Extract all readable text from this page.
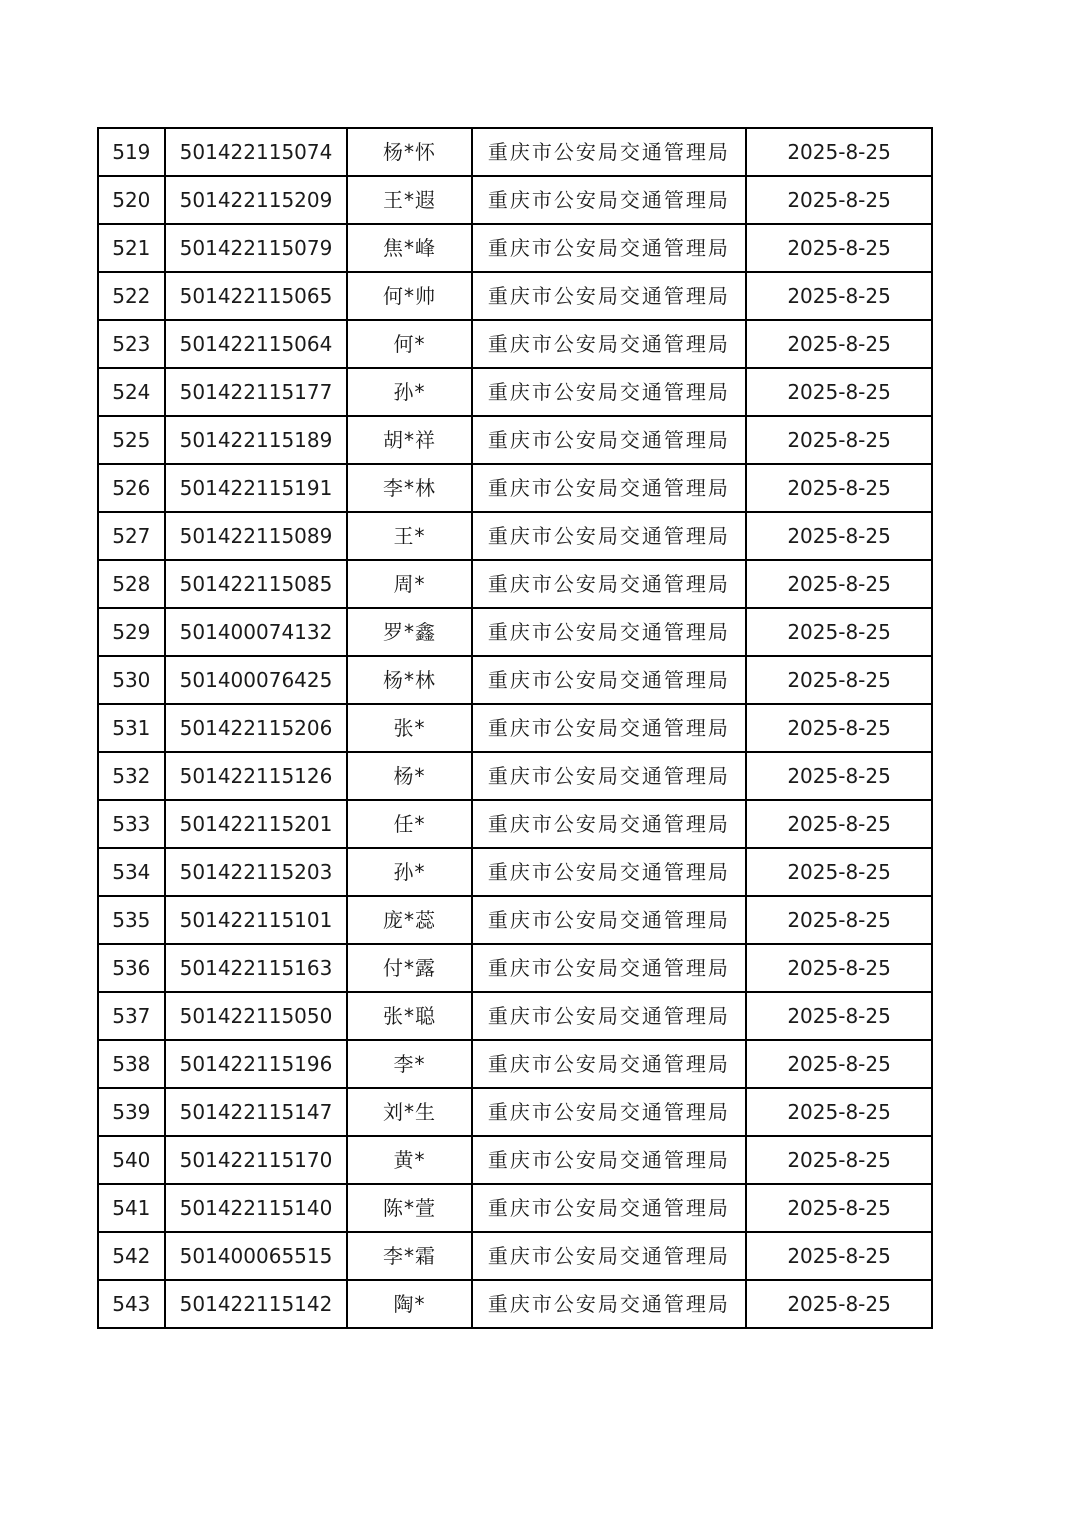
519	501422115074	杨*怀	重庆市公安局交通管理局	2025-8-25
520	501422115209	王*遐	重庆市公安局交通管理局	2025-8-25
521	501422115079	焦*峰	重庆市公安局交通管理局	2025-8-25
522	501422115065	何*帅	重庆市公安局交通管理局	2025-8-25
523	501422115064	何*	重庆市公安局交通管理局	2025-8-25
524	501422115177	孙*	重庆市公安局交通管理局	2025-8-25
525	501422115189	胡*祥	重庆市公安局交通管理局	2025-8-25
526	501422115191	李*林	重庆市公安局交通管理局	2025-8-25
527	501422115089	王*	重庆市公安局交通管理局	2025-8-25
528	501422115085	周*	重庆市公安局交通管理局	2025-8-25
529	501400074132	罗*鑫	重庆市公安局交通管理局	2025-8-25
530	501400076425	杨*林	重庆市公安局交通管理局	2025-8-25
531	501422115206	张*	重庆市公安局交通管理局	2025-8-25
532	501422115126	杨*	重庆市公安局交通管理局	2025-8-25
533	501422115201	任*	重庆市公安局交通管理局	2025-8-25
534	501422115203	孙*	重庆市公安局交通管理局	2025-8-25
535	501422115101	庞*蕊	重庆市公安局交通管理局	2025-8-25
536	501422115163	付*露	重庆市公安局交通管理局	2025-8-25
537	501422115050	张*聪	重庆市公安局交通管理局	2025-8-25
538	501422115196	李*	重庆市公安局交通管理局	2025-8-25
539	501422115147	刘*生	重庆市公安局交通管理局	2025-8-25
540	501422115170	黄*	重庆市公安局交通管理局	2025-8-25
541	501422115140	陈*萱	重庆市公安局交通管理局	2025-8-25
542	501400065515	李*霜	重庆市公安局交通管理局	2025-8-25
543	501422115142	陶*	重庆市公安局交通管理局	2025-8-25
